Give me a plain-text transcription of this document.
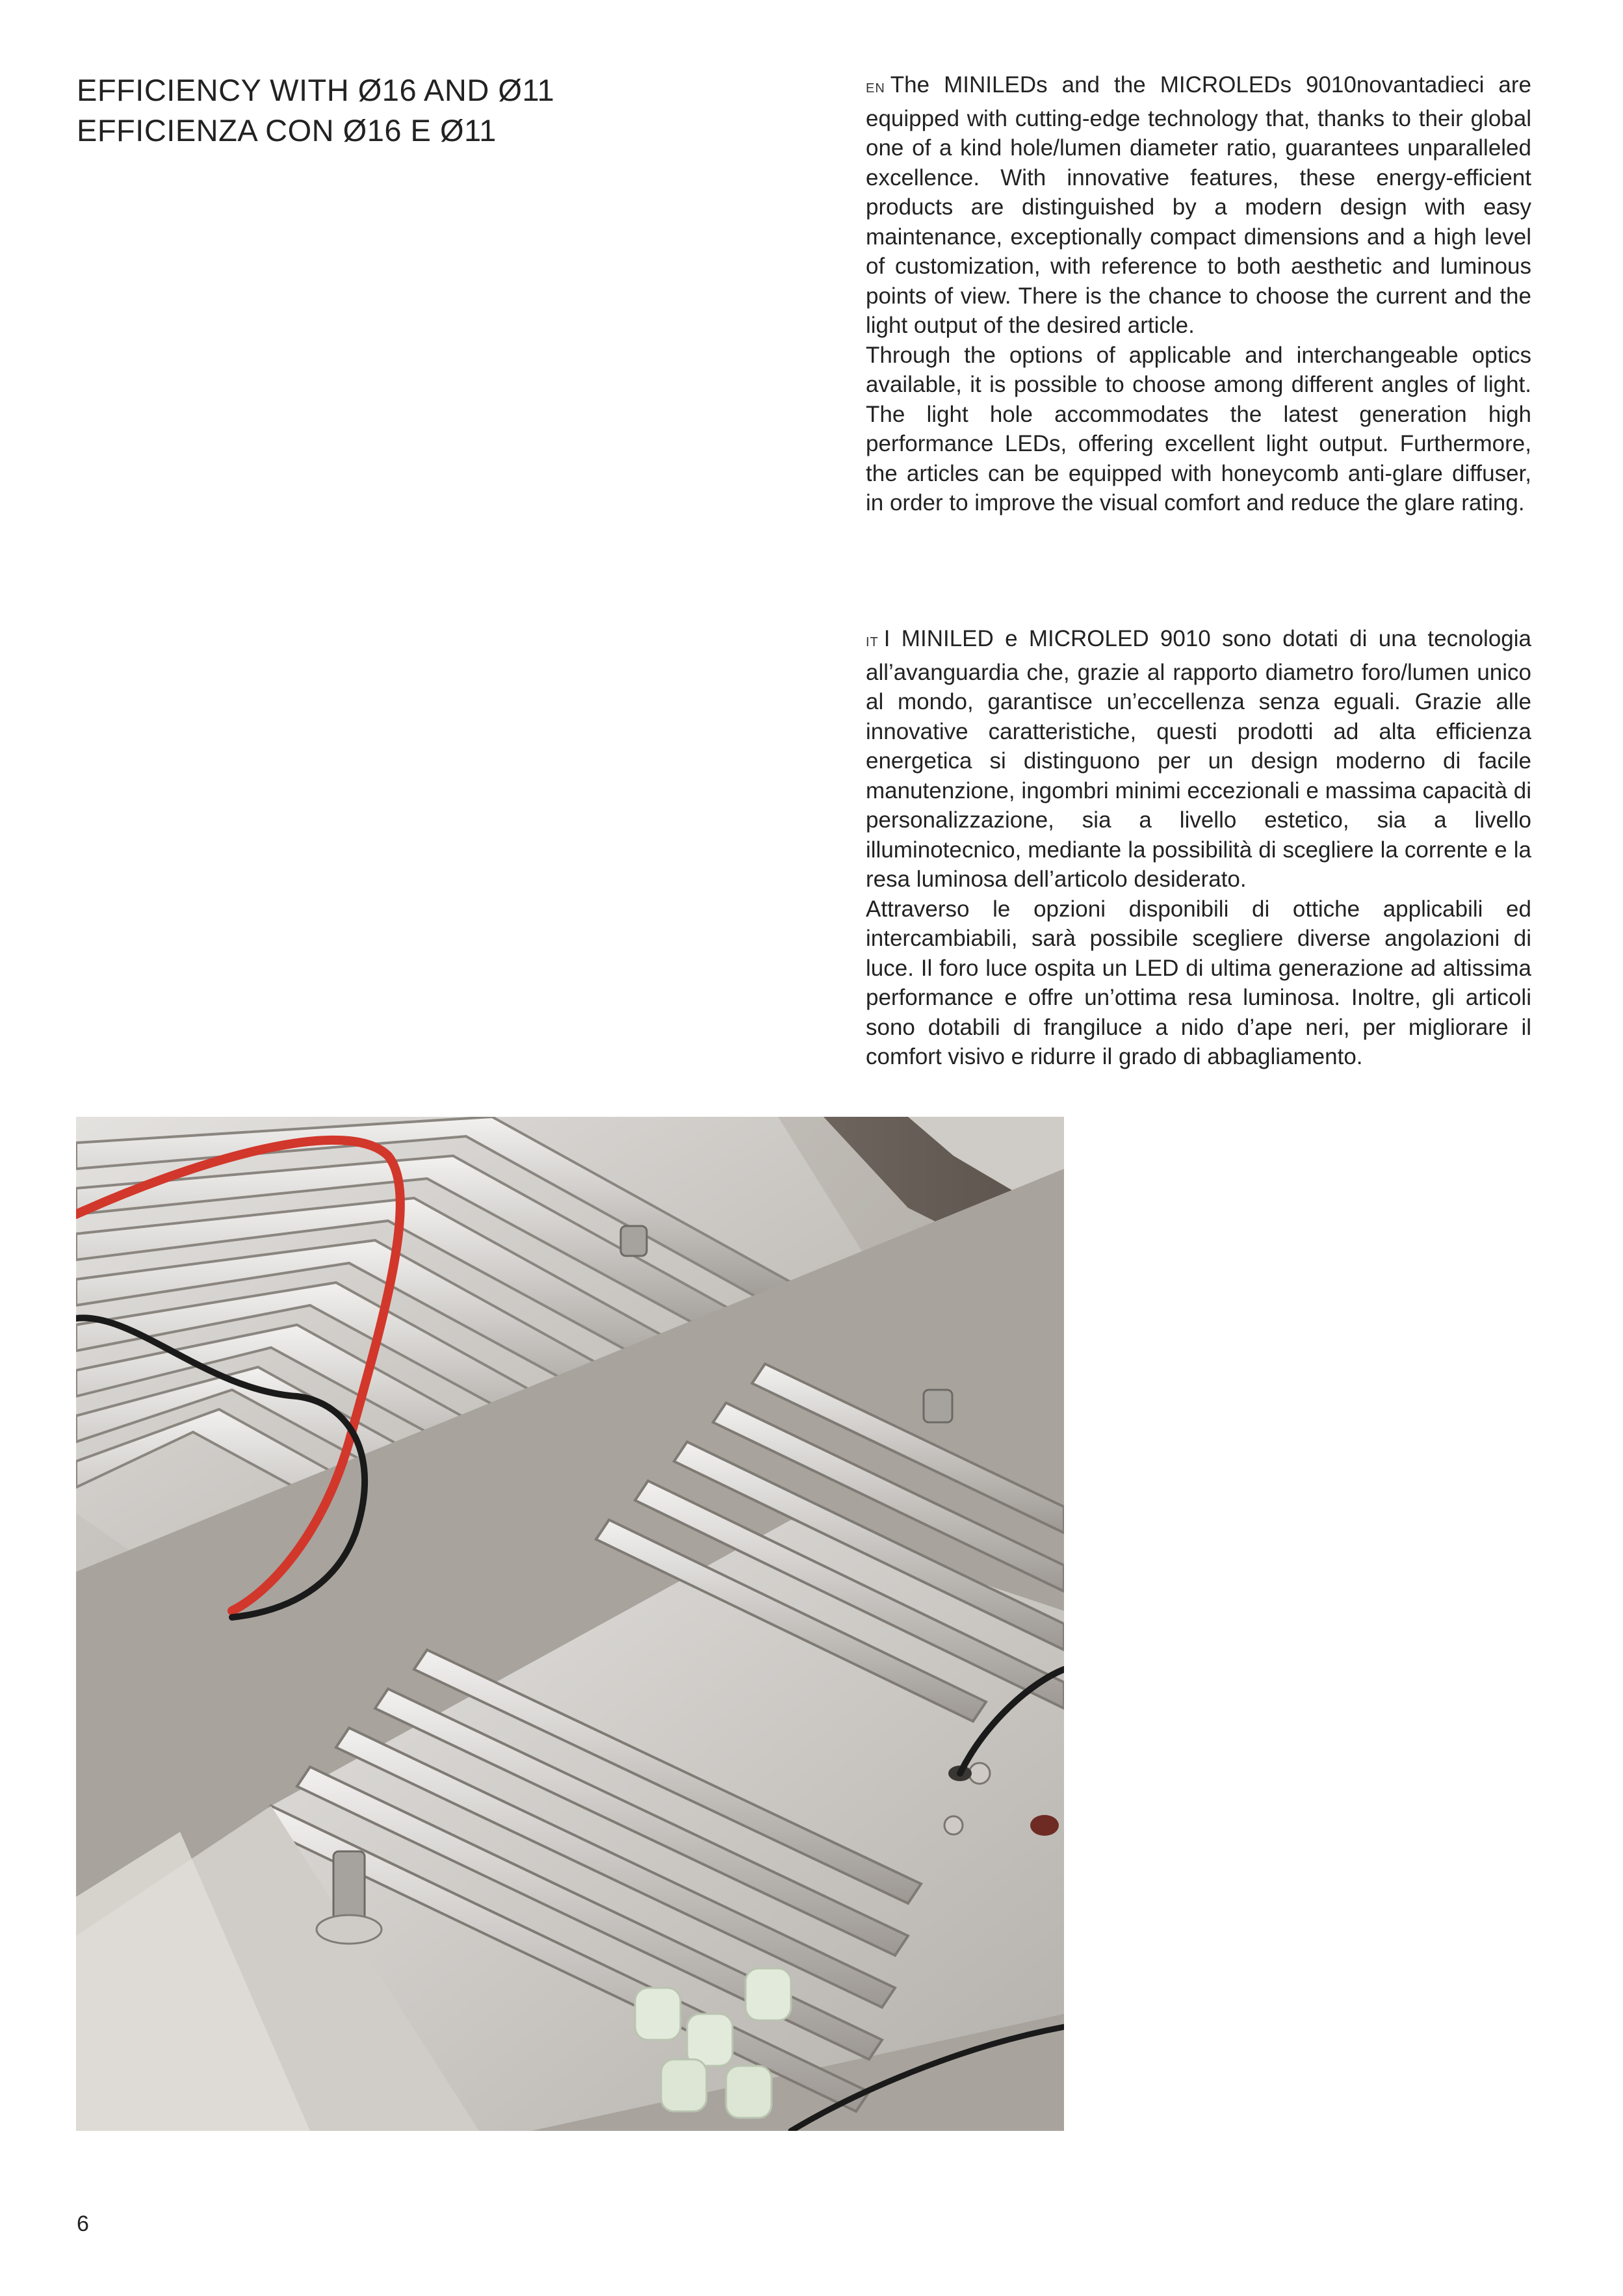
EFFICIENCY WITH Ø16 AND Ø11
EFFICIENZA CON Ø16 E Ø11

EN The MINILEDs and the MICROLEDs 9010novantadieci are equipped with cutting-edge technology that, thanks to their global one of a kind hole/lumen diameter ratio, guarantees unparalleled excellence. With innovative features, these energy-efficient products are distinguished by a modern design with easy maintenance, exceptionally compact dimensions and a high level of customization, with reference to both aesthetic and luminous points of view. There is the chance to choose the current and the light output of the desired article.

Through the options of applicable and interchangeable optics available, it is possible to choose among different angles of light. The light hole accommodates the latest generation high performance LEDs, offering excellent light output. Furthermore, the articles can be equipped with honeycomb anti-glare diffuser, in order to improve the visual comfort and reduce the glare rating.

IT I MINILED e MICROLED 9010 sono dotati di una tecnologia all’avanguardia che, grazie al rapporto diametro foro/lumen unico al mondo, garantisce un’eccellenza senza eguali. Grazie alle innovative caratteristiche, questi prodotti ad alta efficienza energetica si distinguono per un design moderno di facile manutenzione, ingombri minimi eccezionali e massima capacità di personalizzazione, sia a livello estetico, sia a livello illuminotecnico, mediante la possibilità di scegliere la corrente e la resa luminosa dell’articolo desiderato.

Attraverso le opzioni disponibili di ottiche applicabili ed intercambiabili, sarà possibile scegliere diverse angolazioni di luce. Il foro luce ospita un LED di ultima generazione ad altissima performance e offre un’ottima resa luminosa. Inoltre, gli articoli sono dotabili di frangiluce a nido d’ape neri, per migliorare il comfort visivo e ridurre il grado di abbagliamento.

6
